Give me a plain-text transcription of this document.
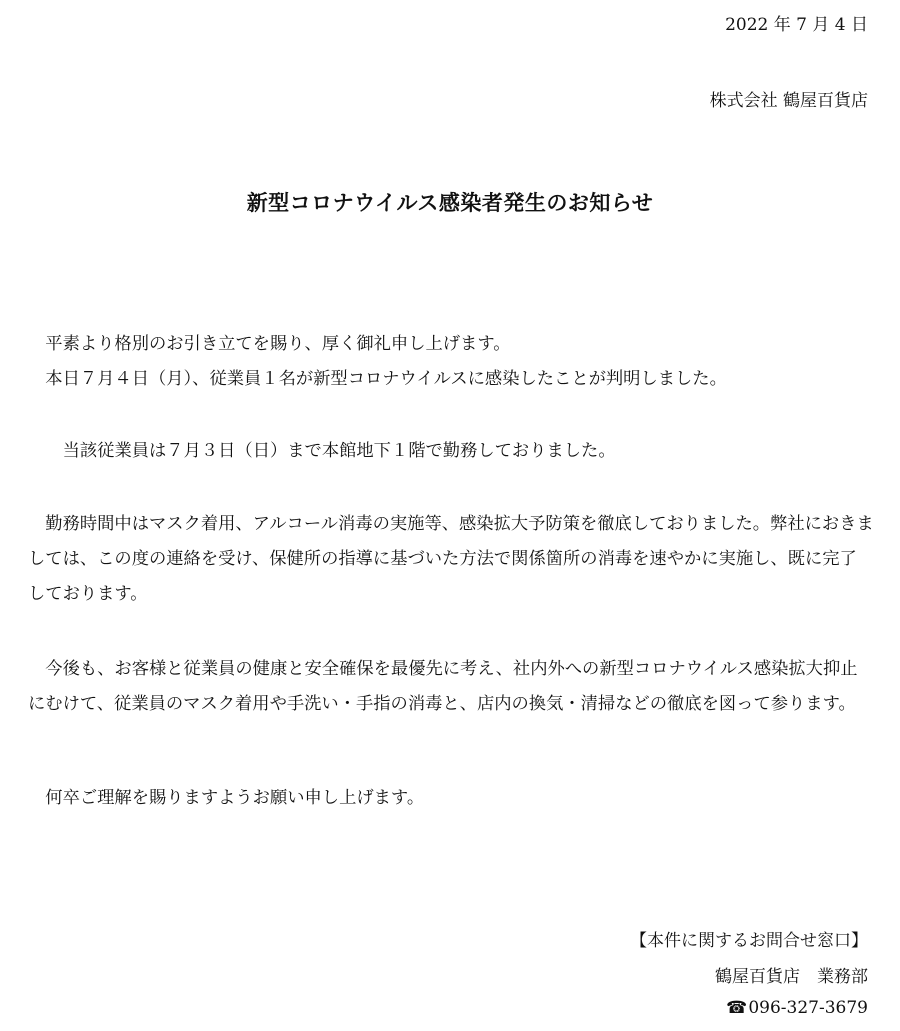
2022 年 7 月 4 日
株式会社 鶴屋百貨店
新型コロナウイルス感染者発生のお知らせ

平素より格別のお引き立てを賜り、厚く御礼申し上げます。

本日７月４日（月）、従業員１名が新型コロナウイルスに感染したことが判明しました。

当該従業員は７月３日（日）まで本館地下１階で勤務しておりました。

勤務時間中はマスク着用、アルコール消毒の実施等、感染拡大予防策を徹底しておりました。弊社におきましては、この度の連絡を受け、保健所の指導に基づいた方法で関係箇所の消毒を速やかに実施し、既に完了しております。

今後も、お客様と従業員の健康と安全確保を最優先に考え、社内外への新型コロナウイルス感染拡大抑止にむけて、従業員のマスク着用や手洗い・手指の消毒と、店内の換気・清掃などの徹底を図って参ります。

何卒ご理解を賜りますようお願い申し上げます。

【本件に関するお問合せ窓口】
鶴屋百貨店　業務部
☎096-327-3679
